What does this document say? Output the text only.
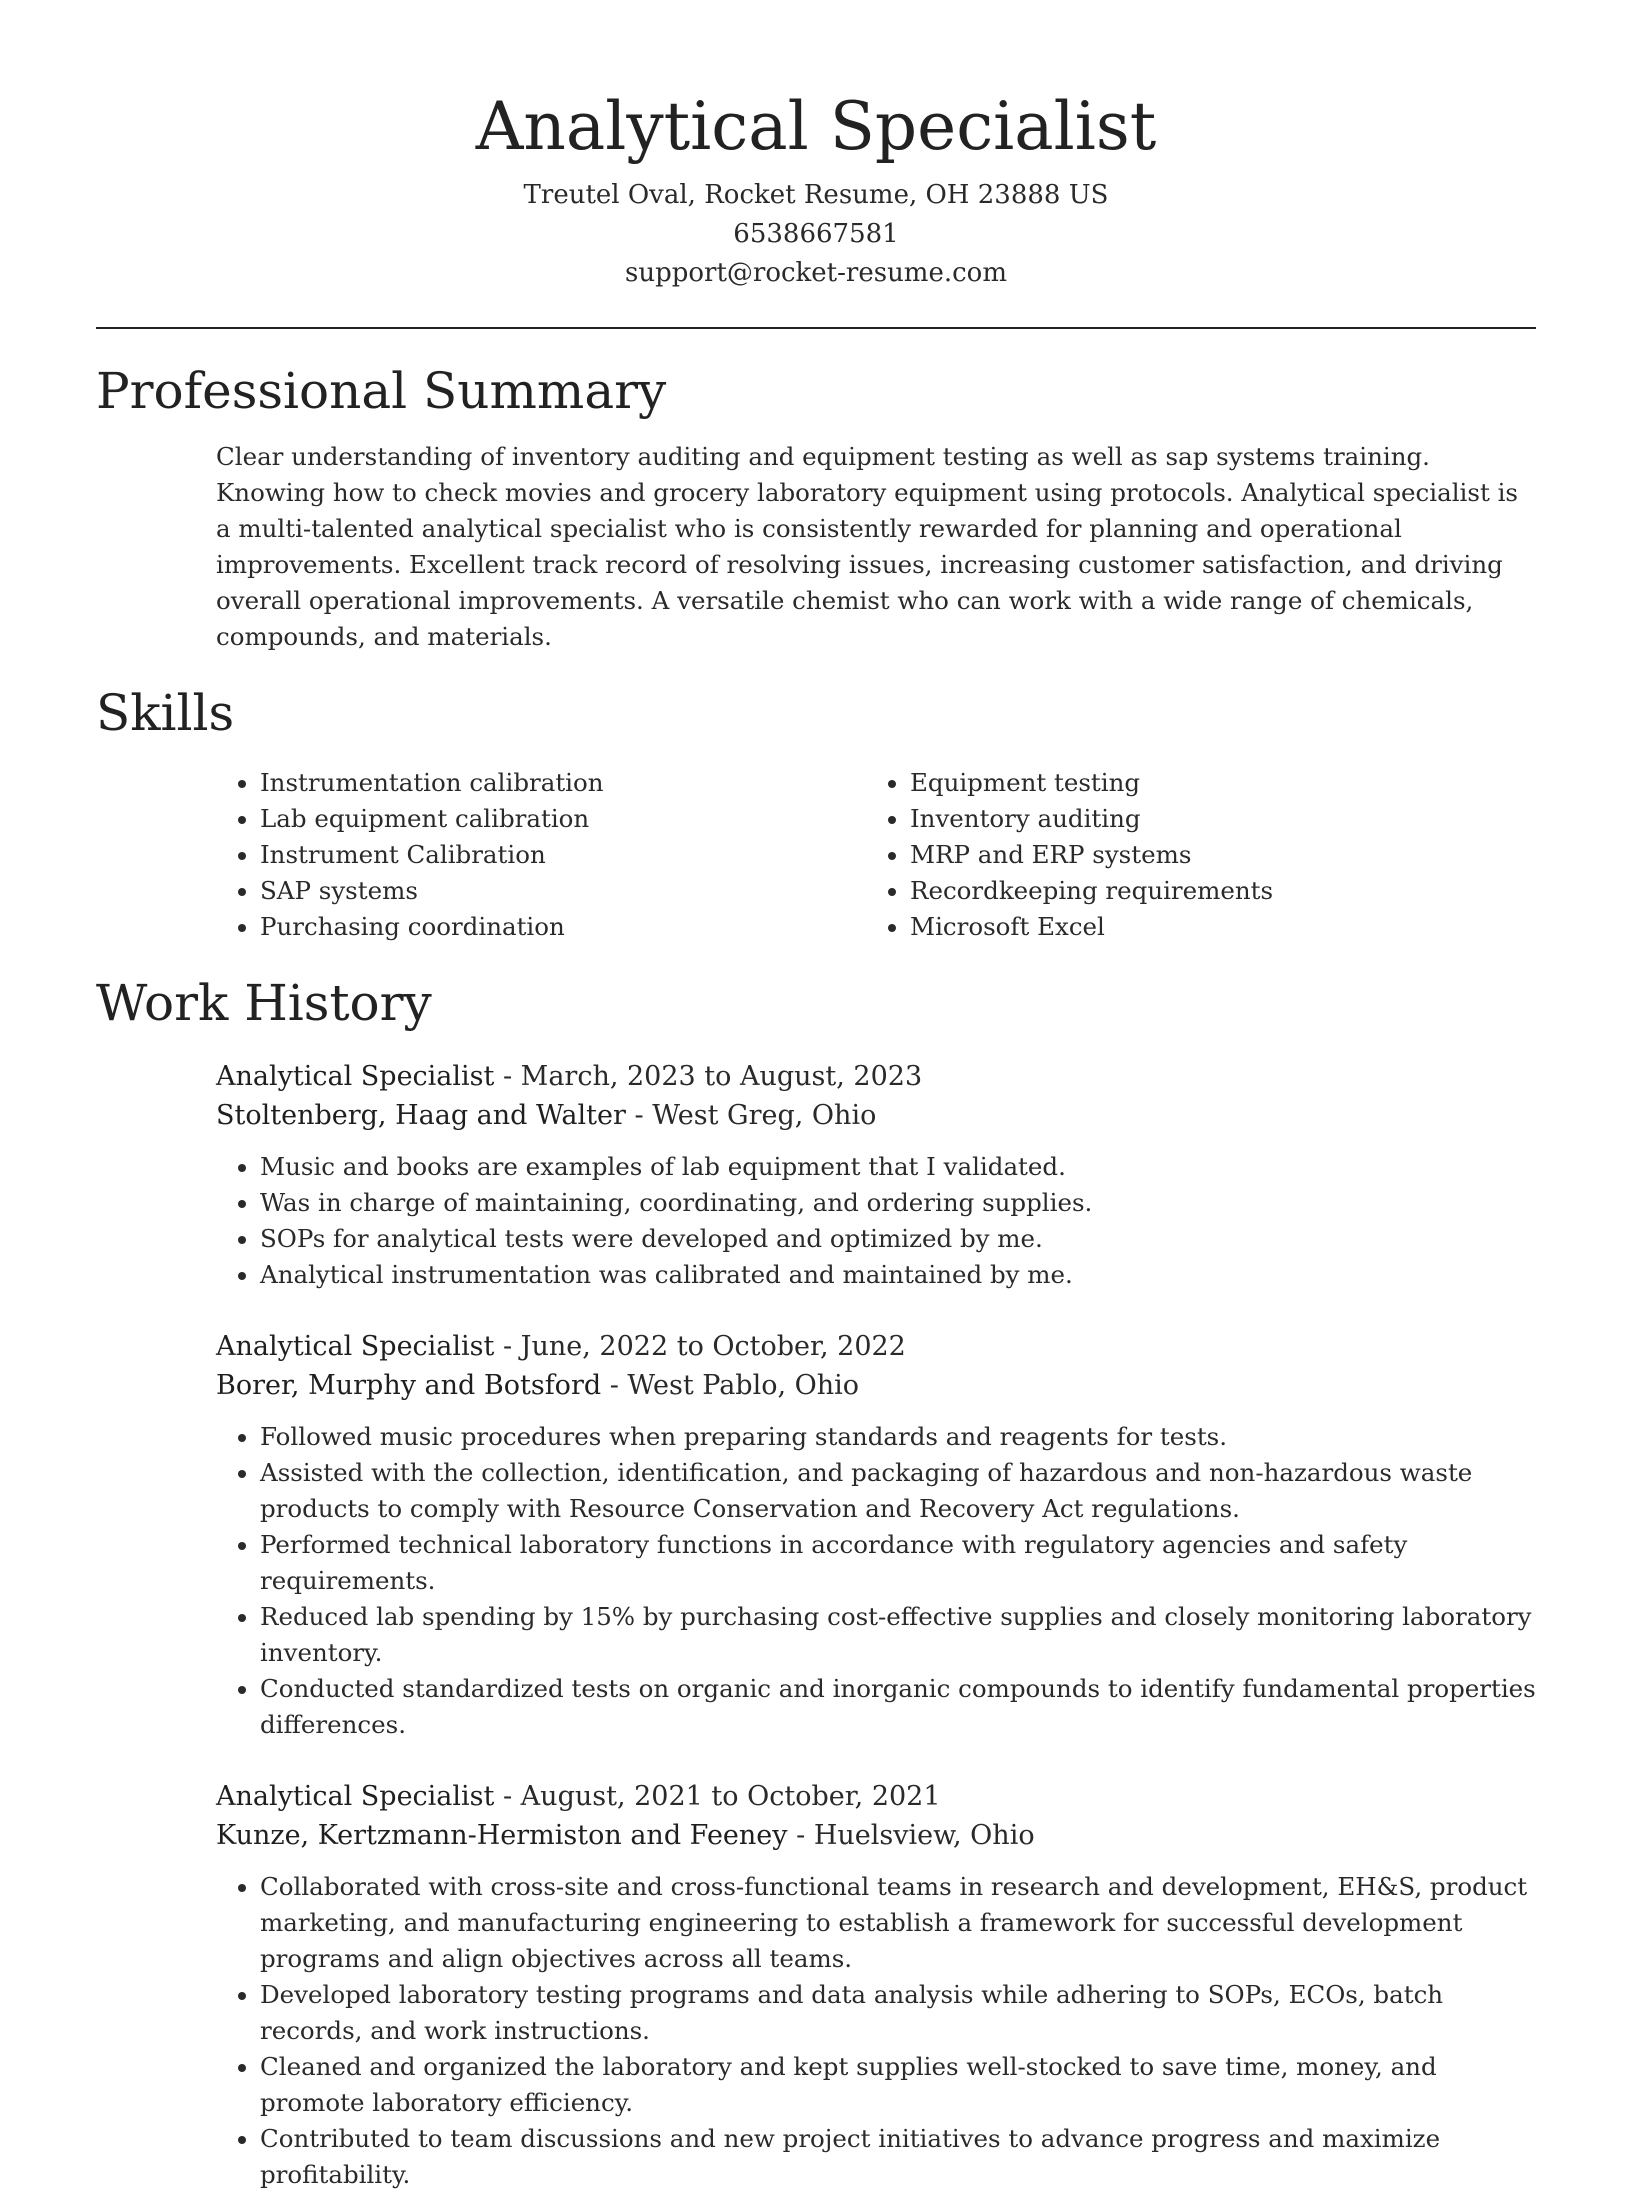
Analytical Specialist
Treutel Oval, Rocket Resume, OH 23888 US
6538667581
support@rocket-resume.com
Professional Summary

Clear understanding of inventory auditing and equipment testing as well as sap systems training. Knowing how to check movies and grocery laboratory equipment using protocols. Analytical specialist is a multi-talented analytical specialist who is consistently rewarded for planning and operational improvements. Excellent track record of resolving issues, increasing customer satisfaction, and driving overall operational improvements. A versatile chemist who can work with a wide range of chemicals, compounds, and materials.

Skills
• Instrumentation calibration
• Lab equipment calibration
• Instrument Calibration
• SAP systems
• Purchasing coordination
• Equipment testing
• Inventory auditing
• MRP and ERP systems
• Recordkeeping requirements
• Microsoft Excel
Work History
Analytical Specialist - March, 2023 to August, 2023
Stoltenberg, Haag and Walter - West Greg, Ohio
• Music and books are examples of lab equipment that I validated.
• Was in charge of maintaining, coordinating, and ordering supplies.
• SOPs for analytical tests were developed and optimized by me.
• Analytical instrumentation was calibrated and maintained by me.
Analytical Specialist - June, 2022 to October, 2022
Borer, Murphy and Botsford - West Pablo, Ohio
• Followed music procedures when preparing standards and reagents for tests.
• Assisted with the collection, identification, and packaging of hazardous and non-hazardous waste products to comply with Resource Conservation and Recovery Act regulations.
• Performed technical laboratory functions in accordance with regulatory agencies and safety requirements.
• Reduced lab spending by 15% by purchasing cost-effective supplies and closely monitoring laboratory inventory.
• Conducted standardized tests on organic and inorganic compounds to identify fundamental properties differences.
Analytical Specialist - August, 2021 to October, 2021
Kunze, Kertzmann-Hermiston and Feeney - Huelsview, Ohio
• Collaborated with cross-site and cross-functional teams in research and development, EH&S, product marketing, and manufacturing engineering to establish a framework for successful development programs and align objectives across all teams.
• Developed laboratory testing programs and data analysis while adhering to SOPs, ECOs, batch records, and work instructions.
• Cleaned and organized the laboratory and kept supplies well-stocked to save time, money, and promote laboratory efficiency.
• Contributed to team discussions and new project initiatives to advance progress and maximize profitability.
